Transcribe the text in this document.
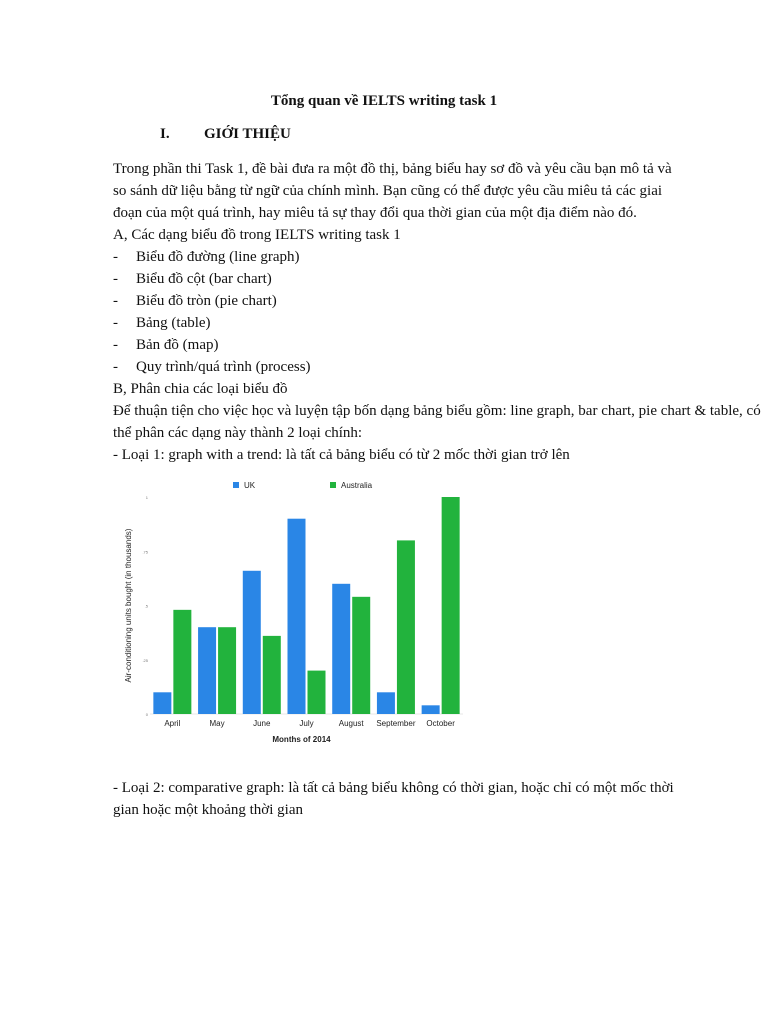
Tổng quan về IELTS writing task 1
I. GIỚI THIỆU
Trong phần thi Task 1, đề bài đưa ra một đồ thị, bảng biểu hay sơ đồ và yêu cầu bạn mô tả và so sánh dữ liệu bằng từ ngữ của chính mình. Bạn cũng có thể được yêu cầu miêu tả các giai đoạn của một quá trình, hay miêu tả sự thay đổi qua thời gian của một địa điểm nào đó.
A, Các dạng biểu đồ trong IELTS writing task 1
- Biểu đồ đường (line graph)
- Biểu đồ cột (bar chart)
- Biểu đồ tròn (pie chart)
- Bảng (table)
- Bản đồ (map)
- Quy trình/quá trình (process)
B, Phân chia các loại biểu đồ
Để thuận tiện cho việc học và luyện tập bốn dạng bảng biểu gồm: line graph, bar chart, pie chart & table, có thể phân các dạng này thành 2 loại chính:
- Loại 1: graph with a trend: là tất cả bảng biểu có từ 2 mốc thời gian trở lên
0
.25
.5
.75
1
April	May	June	July	August September October
UK	Australia
Months of 2014
Air-conditioning units bought (in thousands)
- Loại 2: comparative graph: là tất cả bảng biểu không có thời gian, hoặc chỉ có một mốc thời gian hoặc một khoảng thời gian
